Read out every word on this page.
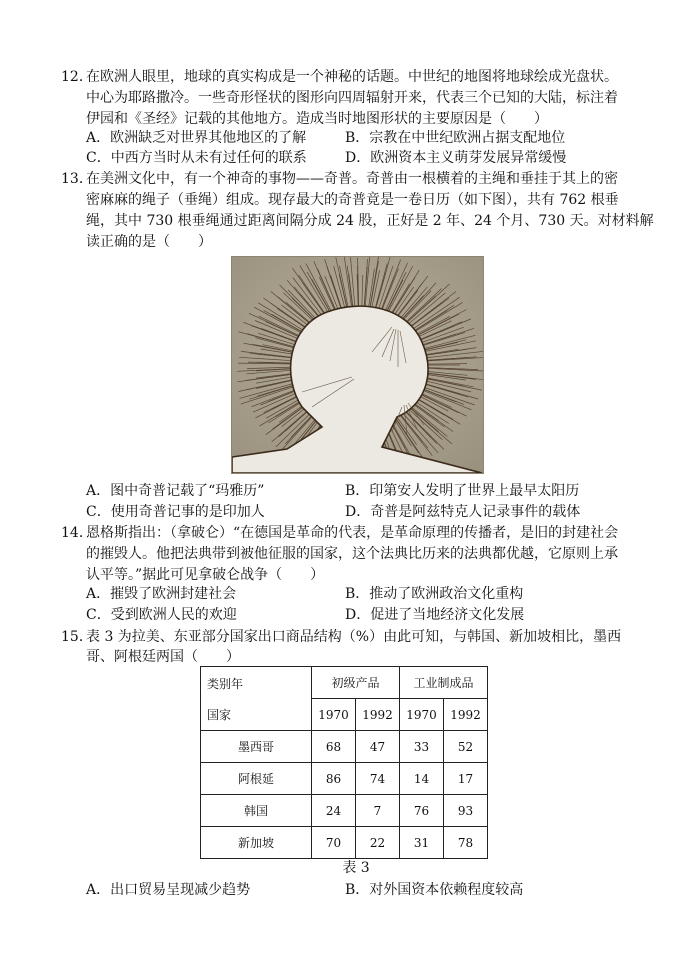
12．
在欧洲人眼里，地球的真实构成是一个神秘的话题。中世纪的地图将地球绘成光盘状。
中心为耶路撒冷。一些奇形怪状的图形向四周辐射开来，代表三个已知的大陆，标注着
伊园和《圣经》记载的其他地方。造成当时地图形状的主要原因是（　　）
A．欧洲缺乏对世界其他地区的了解	B．宗教在中世纪欧洲占据支配地位
C．中西方当时从未有过任何的联系	D．欧洲资本主义萌芽发展异常缓慢
13．
在美洲文化中，有一个神奇的事物——奇普。奇普由一根横着的主绳和垂挂于其上的密
密麻麻的绳子（垂绳）组成。现存最大的奇普竟是一卷日历（如下图），共有 762 根垂
绳，其中 730 根垂绳通过距离间隔分成 24 股，正好是 2 年、24 个月、730 天。对材料解
读正确的是（　　）
A．图中奇普记载了“玛雅历”	B．印第安人发明了世界上最早太阳历
C．使用奇普记事的是印加人	D．奇普是阿兹特克人记录事件的载体
14．
恩格斯指出：（拿破仑）“在德国是革命的代表，是革命原理的传播者，是旧的封建社会
的摧毁人。他把法典带到被他征服的国家，这个法典比历来的法典都优越，它原则上承
认平等。”据此可见拿破仑战争（　　）
A．摧毁了欧洲封建社会	B．推动了欧洲政治文化重构
C．受到欧洲人民的欢迎	D．促进了当地经济文化发展
15．
表 3 为拉美、东亚部分国家出口商品结构（%）由此可知，与韩国、新加坡相比，墨西
哥、阿根廷两国（　　）
类别年
国家	初级产品		工业制成品	
	1970	1992	1970	1992
墨西哥	68	47	33	52
阿根延	86	74	14	17
韩国	24	7	76	93
新加坡	70	22	31	78
表 3
A．出口贸易呈现减少趋势	B．对外国资本依赖程度较高
